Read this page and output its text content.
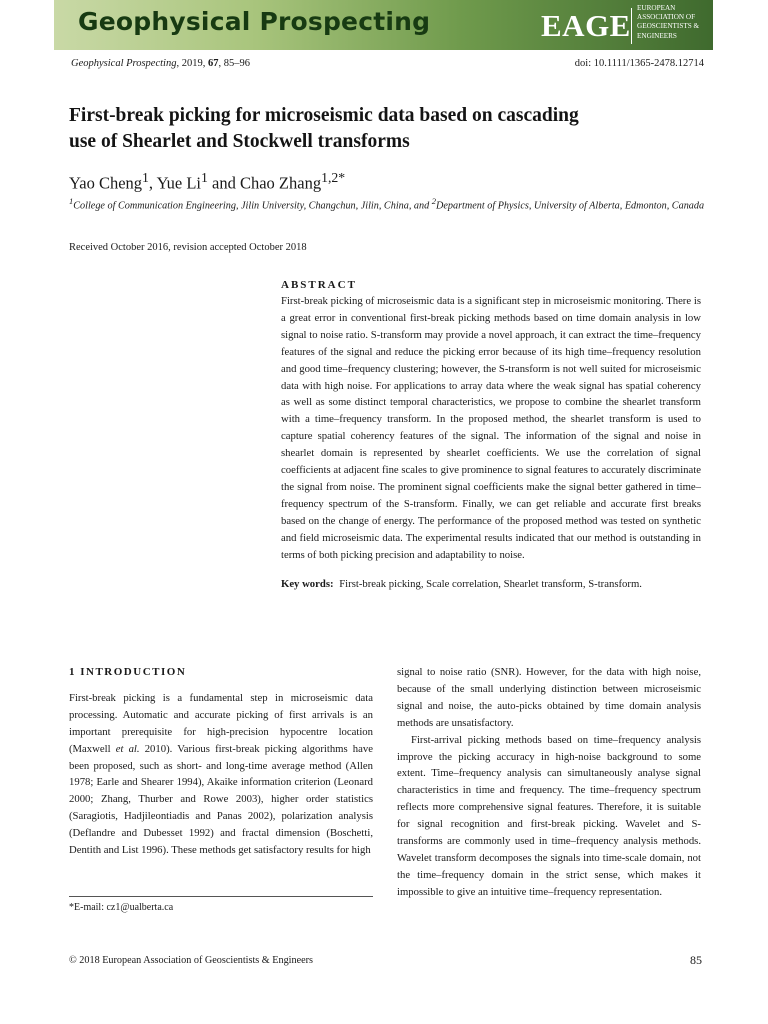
Geophysical Prospecting	EAGE EUROPEAN
ASSOCIATION OF
GEOSCIENTISTS &
ENGINEERS
Geophysical Prospecting, 2019, 67, 85–96	doi: 10.1111/1365-2478.12714
First-break picking for microseismic data based on cascading
use of Shearlet and Stockwell transforms
Yao Cheng$^1$, Yue Li$^1$ and Chao Zhang$^{1,2*}$
$^1$College of Communication Engineering, Jilin University, Changchun, Jilin, China, and $^2$Department of Physics, University of Alberta, Edmonton, Canada
Received October 2016, revision accepted October 2018
ABSTRACT

First-break picking of microseismic data is a significant step in microseismic monitoring. There is a great error in conventional first-break picking methods based on time domain analysis in low signal to noise ratio. S-transform may provide a novel approach, it can extract the time–frequency features of the signal and reduce the picking error because of its high time–frequency resolution and good time–frequency clustering; however, the S-transform is not well suited for microseismic data with high noise. For applications to array data where the weak signal has spatial coherency as well as some distinct temporal characteristics, we propose to combine the shearlet transform with a time–frequency transform. In the proposed method, the shearlet transform is used to capture spatial coherency features of the signal. The information of the signal and noise in shearlet domain is represented by shearlet coefficients. We use the correlation of signal coefficients at adjacent fine scales to give prominence to signal features to accurately discriminate the signal from noise. The prominent signal coefficients make the signal better gathered in time–frequency spectrum of the S-transform. Finally, we can get reliable and accurate first breaks based on the change of energy. The performance of the proposed method was tested on synthetic and field microseismic data. The experimental results indicated that our method is outstanding in terms of both picking precision and adaptability to noise.

Key words: First-break picking, Scale correlation, Shearlet transform, S-transform.
1 INTRODUCTION

First-break picking is a fundamental step in microseismic data processing. Automatic and accurate picking of first arrivals is an important prerequisite for high-precision hypocentre location (Maxwell et al. 2010). Various first-break picking algorithms have been proposed, such as short- and long-time average method (Allen 1978; Earle and Shearer 1994), Akaike information criterion (Leonard 2000; Zhang, Thurber and Rowe 2003), higher order statistics (Saragiotis, Hadjileontiadis and Panas 2002), polarization analysis (Deflandre and Dubesset 1992) and fractal dimension (Boschetti, Dentith and List 1996). These methods get satisfactory results for high

signal to noise ratio (SNR). However, for the data with high noise, because of the small underlying distinction between microseismic signal and noise, the auto-picks obtained by time domain analysis methods are unsatisfactory.

First-arrival picking methods based on time–frequency analysis improve the picking accuracy in high-noise background to some extent. Time–frequency analysis can simultaneously analyse signal characteristics in time and frequency. The time–frequency spectrum reflects more comprehensive signal features. Therefore, it is suitable for signal recognition and first-break picking. Wavelet and S-transforms are commonly used in time–frequency analysis methods. Wavelet transform decomposes the signals into time-scale domain, not the time–frequency domain in the strict sense, which makes it impossible to give an intuitive time–frequency representation.

*E-mail: cz1@ualberta.ca
© 2018 European Association of Geoscientists & Engineers	85
